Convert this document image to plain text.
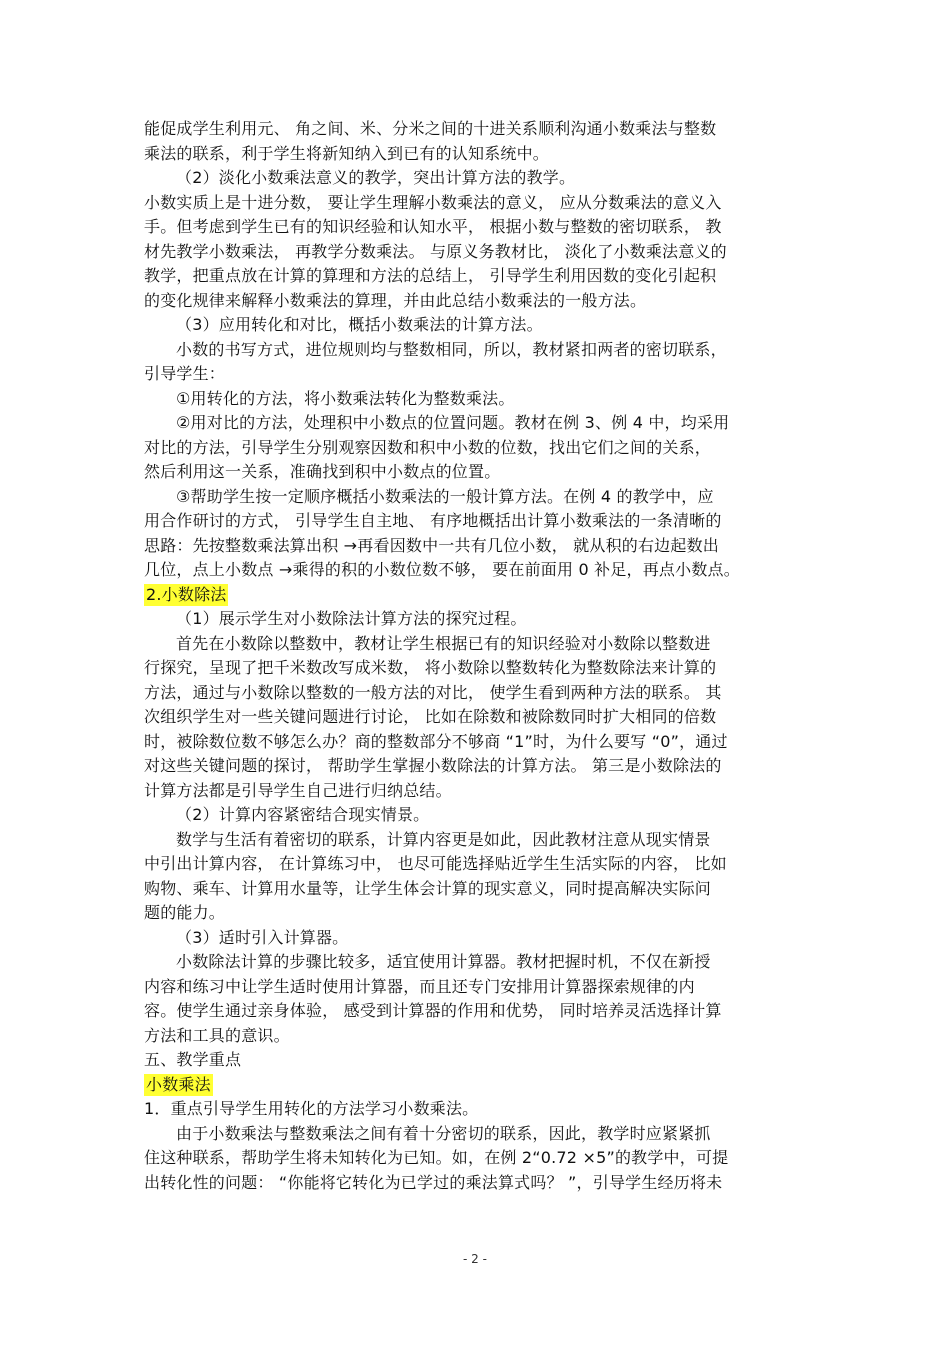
能促成学生利用元、 角之间、米、分米之间的十进关系顺利沟通小数乘法与整数
乘法的联系，利于学生将新知纳入到已有的认知系统中。
（2）淡化小数乘法意义的教学，突出计算方法的教学。
小数实质上是十进分数， 要让学生理解小数乘法的意义， 应从分数乘法的意义入
手。但考虑到学生已有的知识经验和认知水平， 根据小数与整数的密切联系， 教
材先教学小数乘法， 再教学分数乘法。 与原义务教材比， 淡化了小数乘法意义的
教学，把重点放在计算的算理和方法的总结上， 引导学生利用因数的变化引起积
的变化规律来解释小数乘法的算理，并由此总结小数乘法的一般方法。
（3）应用转化和对比，概括小数乘法的计算方法。
小数的书写方式，进位规则均与整数相同，所以，教材紧扣两者的密切联系，
引导学生：
①用转化的方法，将小数乘法转化为整数乘法。
②用对比的方法，处理积中小数点的位置问题。教材在例 3、例 4 中，均采用
对比的方法，引导学生分别观察因数和积中小数的位数，找出它们之间的关系，
然后利用这一关系，准确找到积中小数点的位置。
③帮助学生按一定顺序概括小数乘法的一般计算方法。在例 4 的教学中，应
用合作研讨的方式， 引导学生自主地、 有序地概括出计算小数乘法的一条清晰的
思路：先按整数乘法算出积 →再看因数中一共有几位小数， 就从积的右边起数出
几位，点上小数点 →乘得的积的小数位数不够， 要在前面用 0 补足，再点小数点。
2.小数除法
（1）展示学生对小数除法计算方法的探究过程。
首先在小数除以整数中，教材让学生根据已有的知识经验对小数除以整数进
行探究，呈现了把千米数改写成米数， 将小数除以整数转化为整数除法来计算的
方法，通过与小数除以整数的一般方法的对比， 使学生看到两种方法的联系。 其
次组织学生对一些关键问题进行讨论， 比如在除数和被除数同时扩大相同的倍数
时，被除数位数不够怎么办？商的整数部分不够商 “1”时，为什么要写 “0”，通过
对这些关键问题的探讨， 帮助学生掌握小数除法的计算方法。 第三是小数除法的
计算方法都是引导学生自己进行归纳总结。
（2）计算内容紧密结合现实情景。
数学与生活有着密切的联系，计算内容更是如此，因此教材注意从现实情景
中引出计算内容， 在计算练习中， 也尽可能选择贴近学生生活实际的内容， 比如
购物、乘车、计算用水量等，让学生体会计算的现实意义，同时提高解决实际问
题的能力。
（3）适时引入计算器。
小数除法计算的步骤比较多，适宜使用计算器。教材把握时机，不仅在新授
内容和练习中让学生适时使用计算器，而且还专门安排用计算器探索规律的内
容。使学生通过亲身体验， 感受到计算器的作用和优势， 同时培养灵活选择计算
方法和工具的意识。
五、教学重点
小数乘法
1．重点引导学生用转化的方法学习小数乘法。
由于小数乘法与整数乘法之间有着十分密切的联系，因此，教学时应紧紧抓
住这种联系，帮助学生将未知转化为已知。如，在例 2“0.72 ×5”的教学中，可提
出转化性的问题： “你能将它转化为已学过的乘法算式吗？ ”，引导学生经历将未
- 2 -
